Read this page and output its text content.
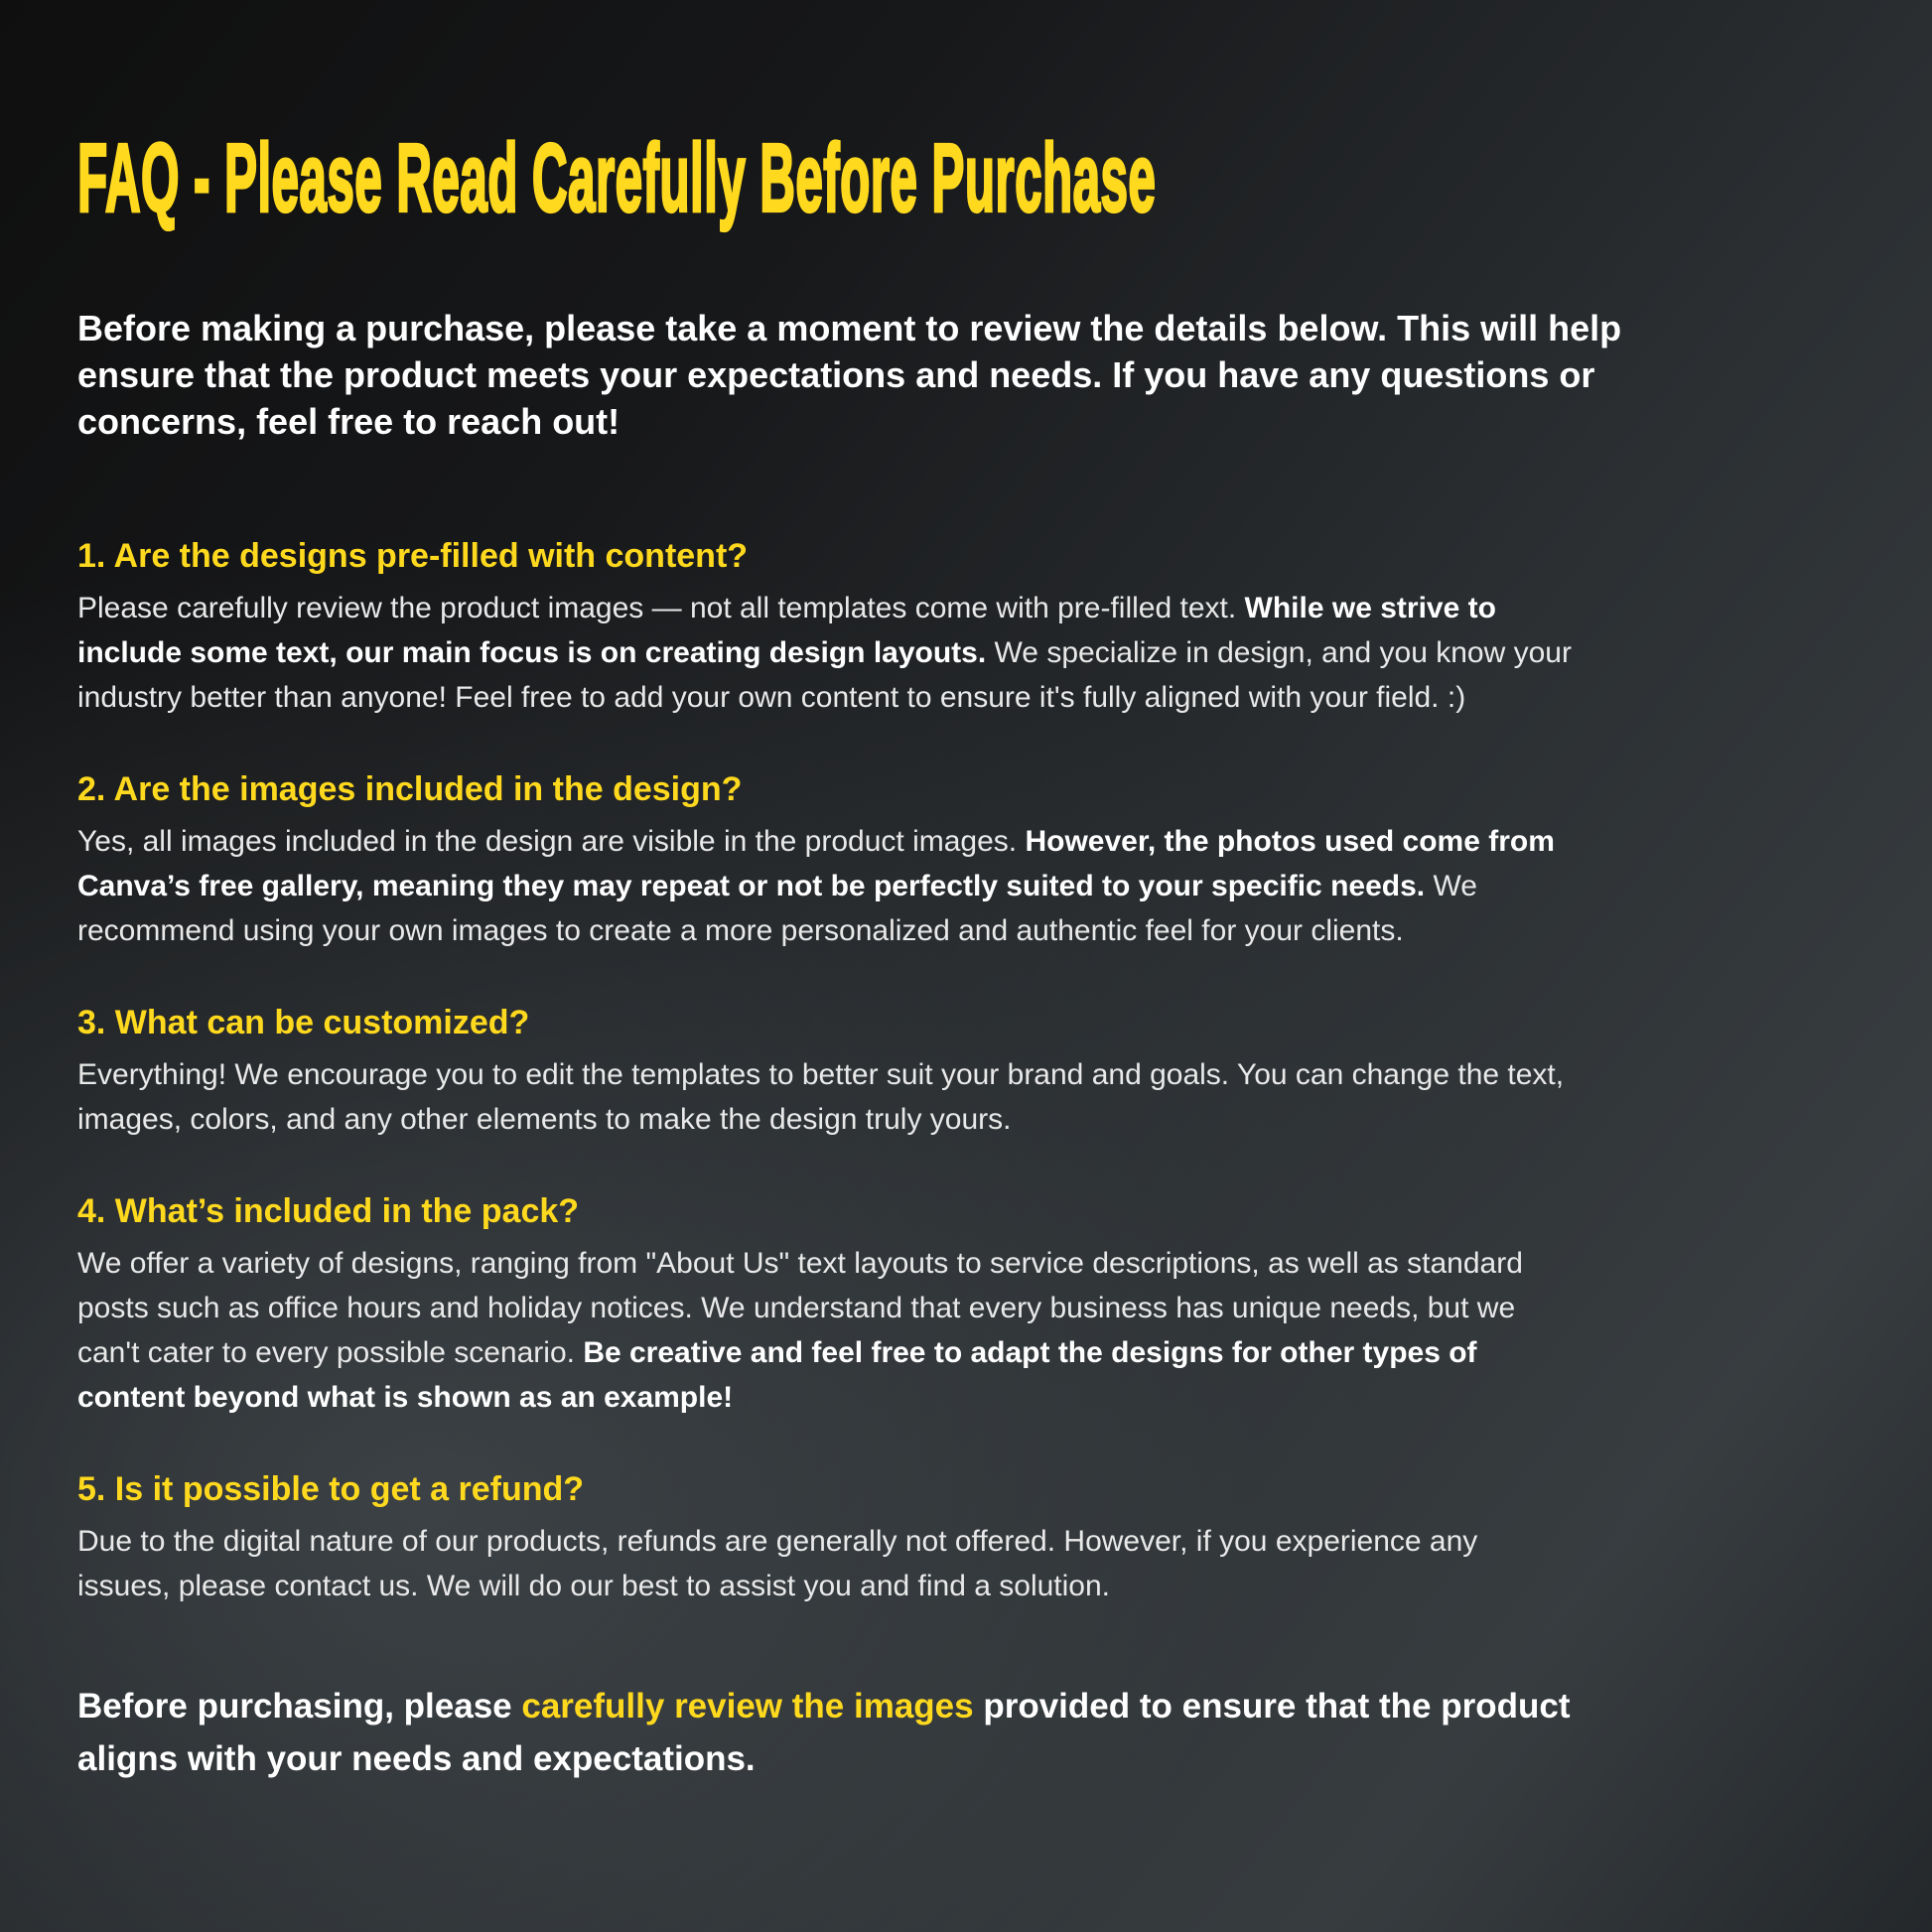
FAQ - Please Read Carefully Before Purchase

Before making a purchase, please take a moment to review the details below. This will help
ensure that the product meets your expectations and needs. If you have any questions or
concerns, feel free to reach out!

1. Are the designs pre-filled with content?

Please carefully review the product images — not all templates come with pre-filled text. While we strive to
include some text, our main focus is on creating design layouts. We specialize in design, and you know your
industry better than anyone! Feel free to add your own content to ensure it's fully aligned with your field. :)

2. Are the images included in the design?

Yes, all images included in the design are visible in the product images. However, the photos used come from
Canva’s free gallery, meaning they may repeat or not be perfectly suited to your specific needs. We
recommend using your own images to create a more personalized and authentic feel for your clients.

3. What can be customized?

Everything! We encourage you to edit the templates to better suit your brand and goals. You can change the text,
images, colors, and any other elements to make the design truly yours.

4. What’s included in the pack?

We offer a variety of designs, ranging from "About Us" text layouts to service descriptions, as well as standard
posts such as office hours and holiday notices. We understand that every business has unique needs, but we
can't cater to every possible scenario. Be creative and feel free to adapt the designs for other types of
content beyond what is shown as an example!

5. Is it possible to get a refund?

Due to the digital nature of our products, refunds are generally not offered. However, if you experience any
issues, please contact us. We will do our best to assist you and find a solution.

Before purchasing, please carefully review the images provided to ensure that the product
aligns with your needs and expectations.
